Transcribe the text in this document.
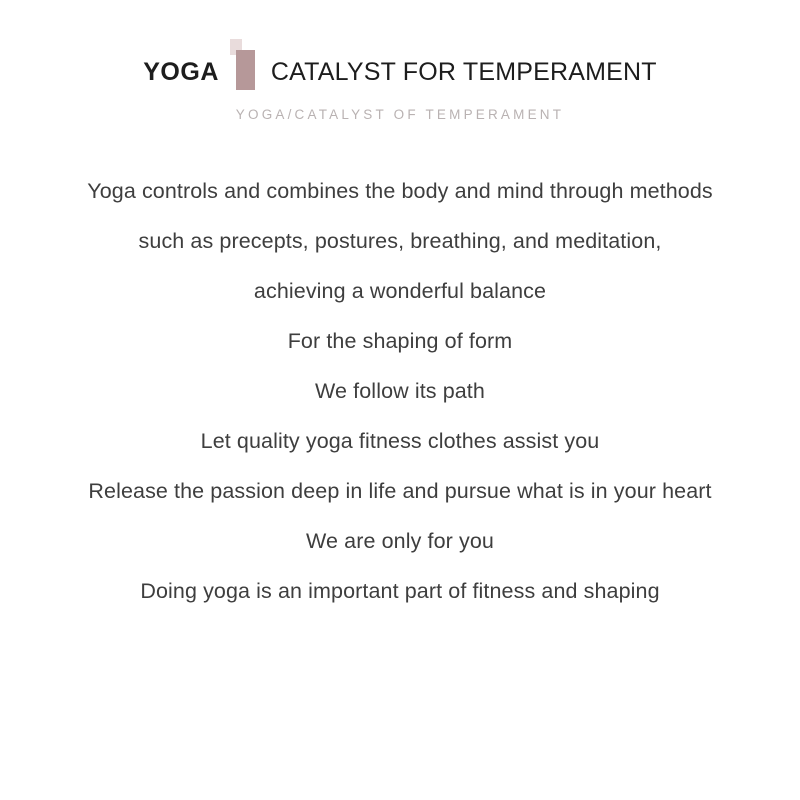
YOGA CATALYST FOR TEMPERAMENT
YOGA/CATALYST OF TEMPERAMENT
Yoga controls and combines the body and mind through methods
such as precepts, postures, breathing, and meditation,
achieving a wonderful balance
For the shaping of form
We follow its path
Let quality yoga fitness clothes assist you
Release the passion deep in life and pursue what is in your heart
We are only for you
Doing yoga is an important part of fitness and shaping
